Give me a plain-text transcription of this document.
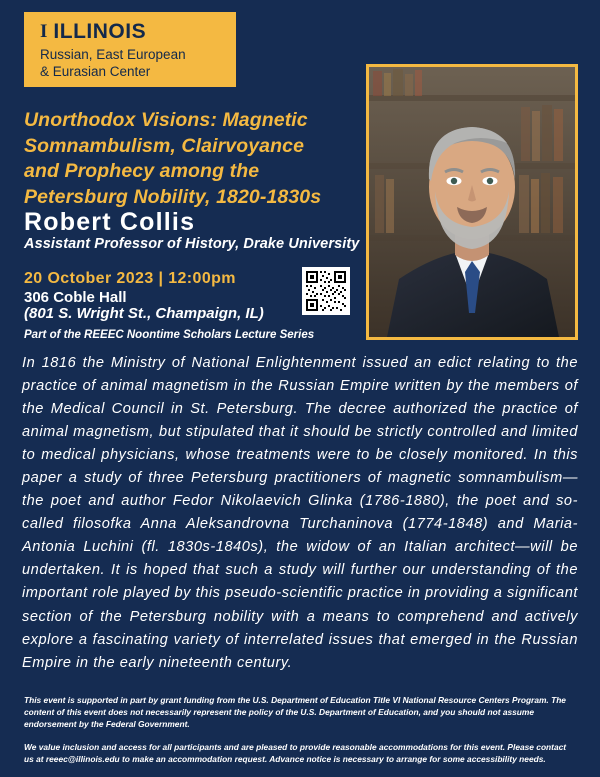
I ILLINOIS
Russian, East European
& Eurasian Center
Unorthodox Visions: Magnetic Somnambulism, Clairvoyance and Prophecy among the Petersburg Nobility, 1820-1830s
Robert Collis
Assistant Professor of History, Drake University
20 October 2023 | 12:00pm
306 Coble Hall
(801 S. Wright St., Champaign, IL)
Part of the REEEC Noontime Scholars Lecture Series
In 1816 the Ministry of National Enlightenment issued an edict relating to the practice of animal magnetism in the Russian Empire written by the members of the Medical Council in St. Petersburg. The decree authorized the practice of animal magnetism, but stipulated that it should be strictly controlled and limited to medical physicians, whose treatments were to be closely monitored. In this paper a study of three Petersburg practitioners of magnetic somnambulism—the poet and author Fedor Nikolaevich Glinka (1786-1880), the poet and so-called filosofka Anna Aleksandrovna Turchaninova (1774-1848) and Maria-Antonia Luchini (fl. 1830s-1840s), the widow of an Italian architect—will be undertaken. It is hoped that such a study will further our understanding of the important role played by this pseudo-scientific practice in providing a significant section of the Petersburg nobility with a means to comprehend and actively explore a fascinating variety of interrelated issues that emerged in the Russian Empire in the early nineteenth century.

This event is supported in part by grant funding from the U.S. Department of Education Title VI National Resource Centers Program. The content of this event does not necessarily represent the policy of the U.S. Department of Education, and you should not assume endorsement by the Federal Government.

We value inclusion and access for all participants and are pleased to provide reasonable accommodations for this event. Please contact us at reeec@illinois.edu to make an accommodation request. Advance notice is necessary to arrange for some accessibility needs.
